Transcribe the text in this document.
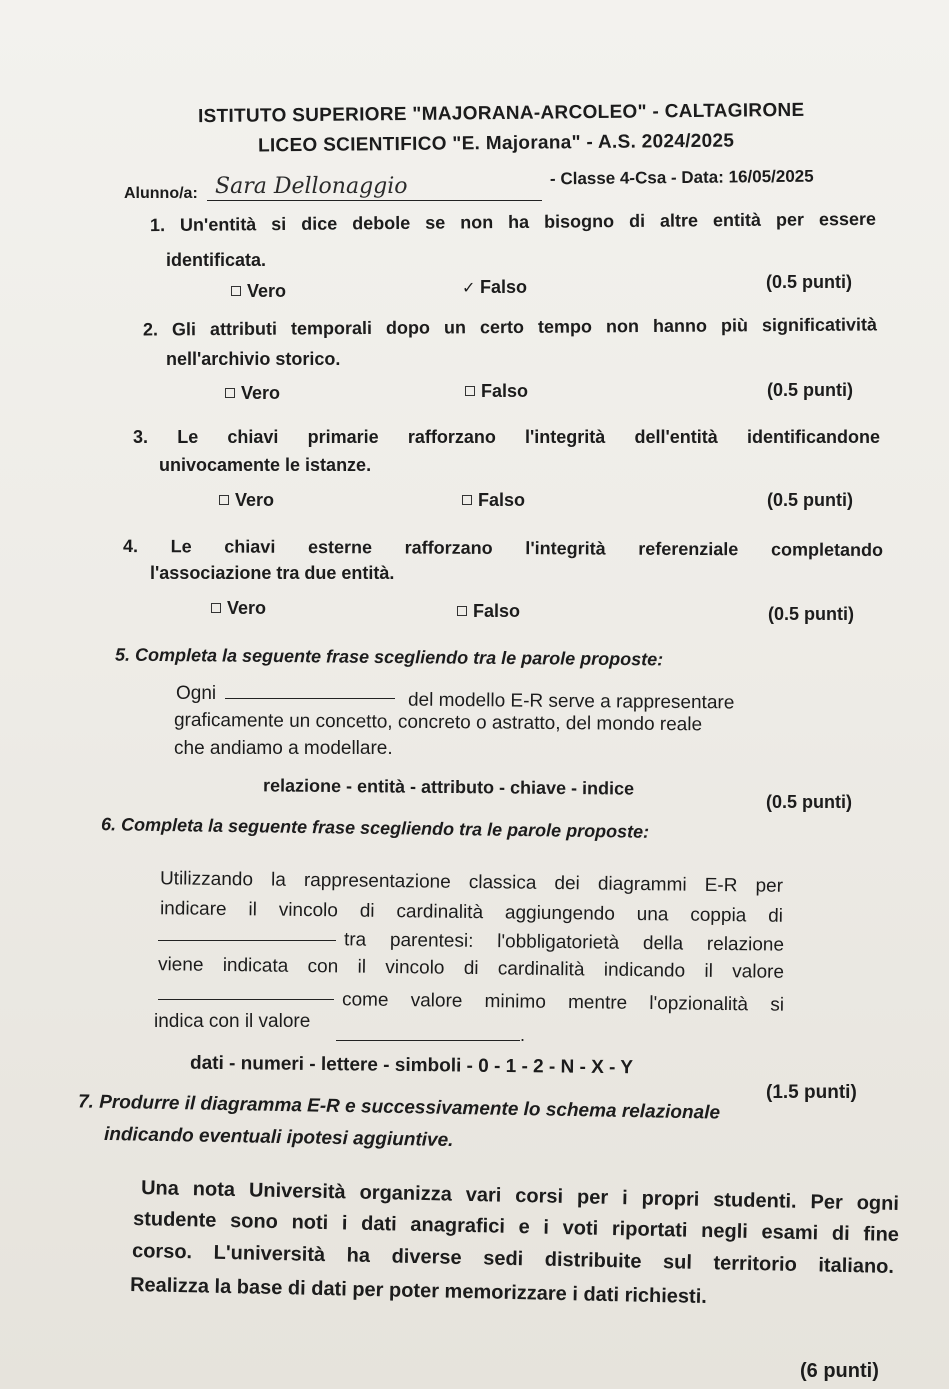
ISTITUTO SUPERIORE "MAJORANA-ARCOLEO" - CALTAGIRONE
LICEO SCIENTIFICO "E. Majorana" - A.S. 2024/2025
Alunno/a: Sara Dellonaggio	- Classe 4-Csa - Data: 16/05/2025
1. Un'entità si dice debole se non ha bisogno di altre entità per essere
identificata.
Vero	✓ Falso	(0.5 punti)
2. Gli attributi temporali dopo un certo tempo non hanno più significatività
nell'archivio storico.
Vero	Falso	(0.5 punti)
3. Le chiavi primarie rafforzano l'integrità dell'entità identificandone
univocamente le istanze.
Vero	Falso	(0.5 punti)
4. Le chiavi esterne rafforzano l'integrità referenziale completando
l'associazione tra due entità.
Vero	Falso	(0.5 punti)
5. Completa la seguente frase scegliendo tra le parole proposte:
Ogni	del modello E-R serve a rappresentare
graficamente un concetto, concreto o astratto, del mondo reale
che andiamo a modellare.
relazione - entità - attributo - chiave - indice
(0.5 punti)
6. Completa la seguente frase scegliendo tra le parole proposte:
Utilizzando la rappresentazione classica dei diagrammi E-R per
indicare il vincolo di cardinalità aggiungendo una coppia di
tra parentesi: l'obbligatorietà della relazione
viene indicata con il vincolo di cardinalità indicando il valore
come valore minimo mentre l'opzionalità si
indica con il valore
.
dati - numeri - lettere - simboli - 0 - 1 - 2 - N - X - Y
(1.5 punti)
7. Produrre il diagramma E-R e successivamente lo schema relazionale
indicando eventuali ipotesi aggiuntive.
Una nota Università organizza vari corsi per i propri studenti. Per ogni
studente sono noti i dati anagrafici e i voti riportati negli esami di fine
corso. L'università ha diverse sedi distribuite sul territorio italiano.
Realizza la base di dati per poter memorizzare i dati richiesti.
(6 punti)
